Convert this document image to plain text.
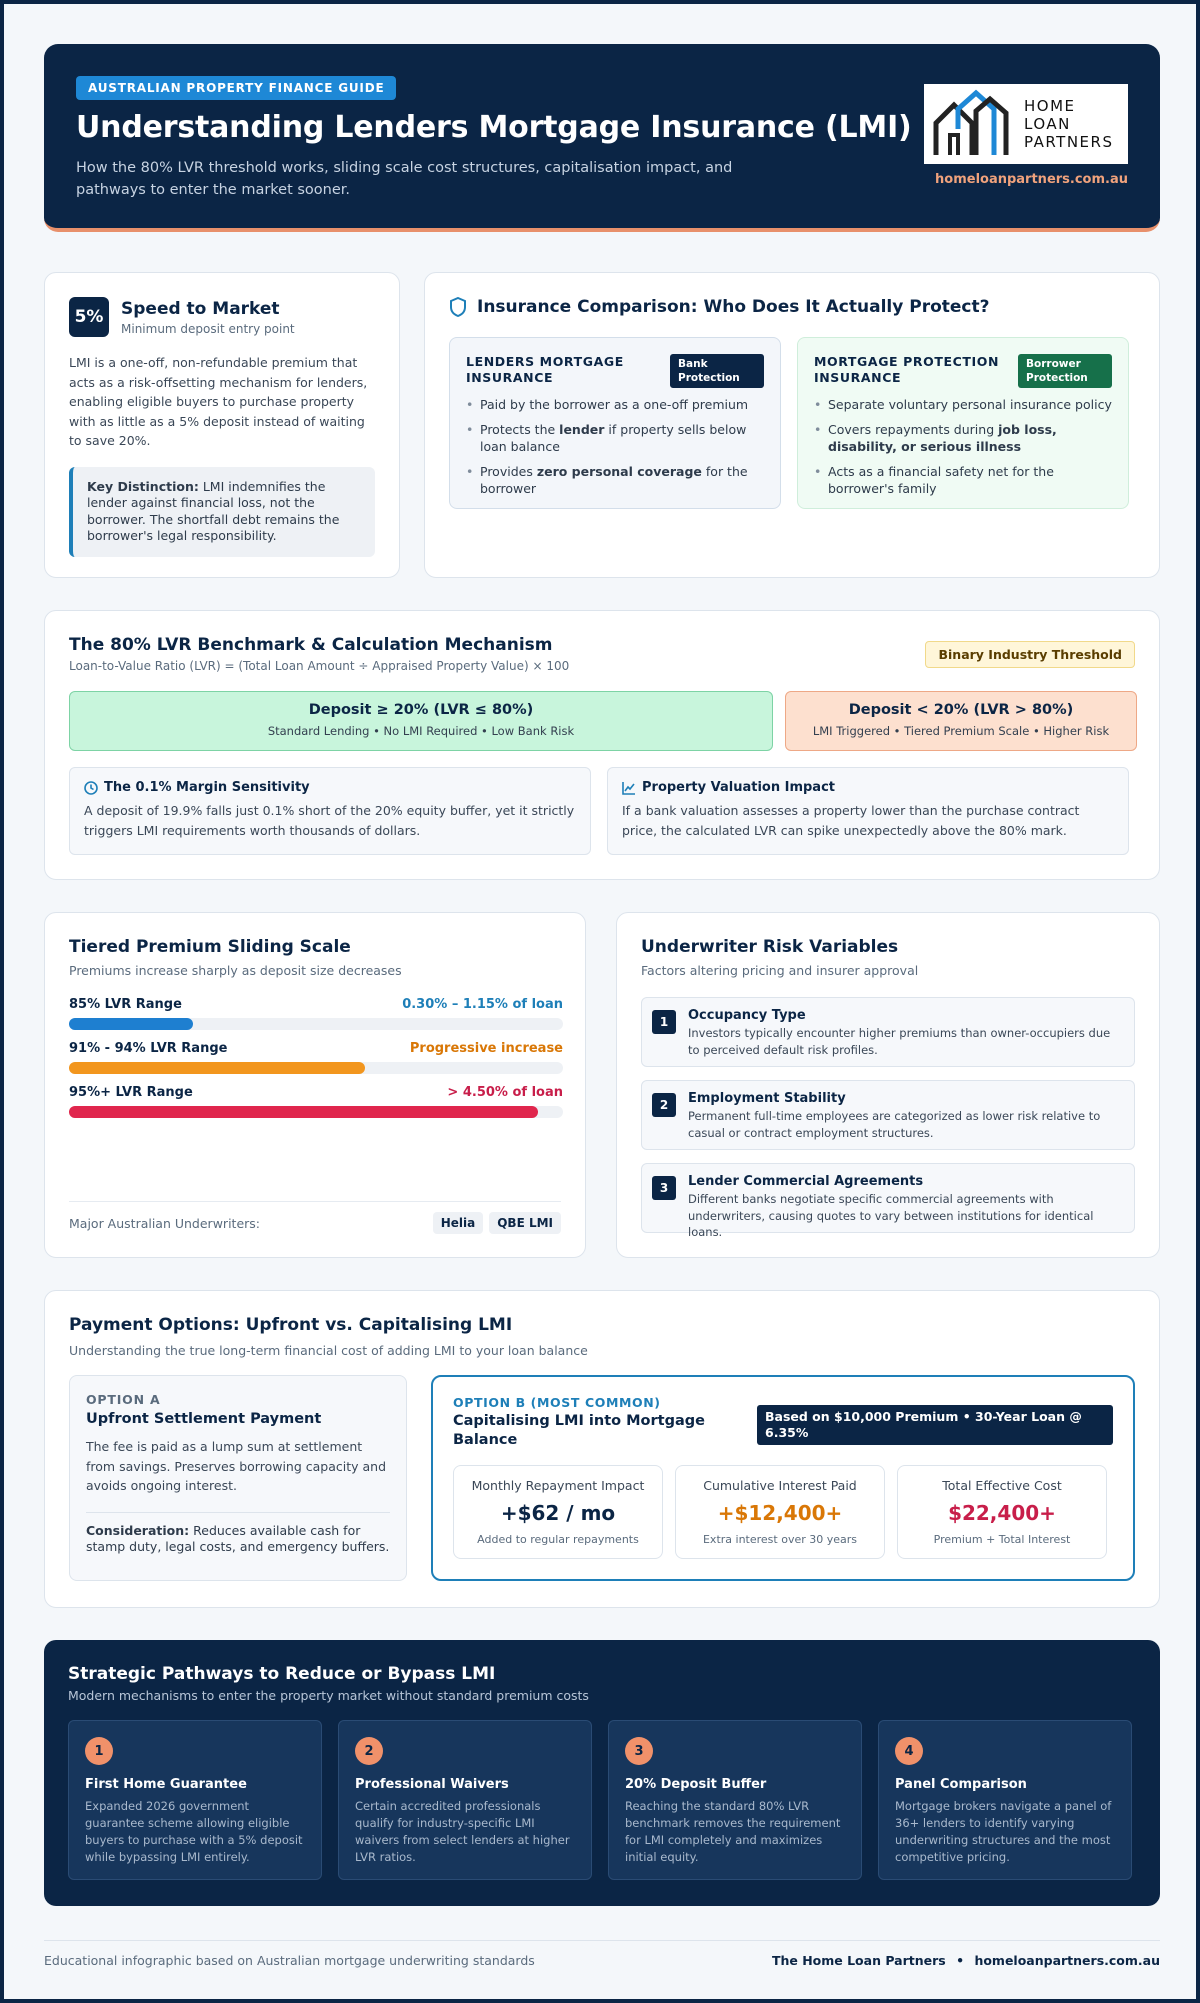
AUSTRALIAN PROPERTY FINANCE GUIDE
Understanding Lenders Mortgage Insurance (LMI)

How the 80% LVR threshold works, sliding scale cost structures, capitalisation impact, and pathways to enter the market sooner.

HOME
LOAN
PARTNERS
homeloanpartners.com.au
5%	Speed to Market
Minimum deposit entry point

LMI is a one-off, non-refundable premium that acts as a risk-offsetting mechanism for lenders, enabling eligible buyers to purchase property with as little as a 5% deposit instead of waiting to save 20%.

Key Distinction: LMI indemnifies the lender against financial loss, not the borrower. The shortfall debt remains the borrower's legal responsibility.
Insurance Comparison: Who Does It Actually Protect?
LENDERS MORTGAGE INSURANCE
Bank Protection
• Paid by the borrower as a one-off premium
• Protects the lender if property sells below loan balance
• Provides zero personal coverage for the borrower
MORTGAGE PROTECTION INSURANCE
Borrower Protection
• Separate voluntary personal insurance policy
• Covers repayments during job loss, disability, or serious illness
• Acts as a financial safety net for the borrower's family
The 80% LVR Benchmark & Calculation Mechanism
Loan-to-Value Ratio (LVR) = (Total Loan Amount ÷ Appraised Property Value) × 100
Binary Industry Threshold
Deposit ≥ 20% (LVR ≤ 80%)
Standard Lending • No LMI Required • Low Bank Risk
Deposit < 20% (LVR > 80%)
LMI Triggered • Tiered Premium Scale • Higher Risk
The 0.1% Margin Sensitivity
A deposit of 19.9% falls just 0.1% short of the 20% equity buffer, yet it strictly triggers LMI requirements worth thousands of dollars.
Property Valuation Impact
If a bank valuation assesses a property lower than the purchase contract price, the calculated LVR can spike unexpectedly above the 80% mark.
Tiered Premium Sliding Scale
Premiums increase sharply as deposit size decreases
85% LVR Range	0.30% – 1.15% of loan
91% - 94% LVR Range	Progressive increase
95%+ LVR Range	> 4.50% of loan
Major Australian Underwriters:	Helia QBE LMI
Underwriter Risk Variables
Factors altering pricing and insurer approval
1	Occupancy Type
Investors typically encounter higher premiums than owner-occupiers due to perceived default risk profiles.
2	Employment Stability
Permanent full-time employees are categorized as lower risk relative to casual or contract employment structures.
3	Lender Commercial Agreements
Different banks negotiate specific commercial agreements with underwriters, causing quotes to vary between institutions for identical loans.
Payment Options: Upfront vs. Capitalising LMI
Understanding the true long-term financial cost of adding LMI to your loan balance
OPTION A
Upfront Settlement Payment
The fee is paid as a lump sum at settlement from savings. Preserves borrowing capacity and avoids ongoing interest.
Consideration: Reduces available cash for stamp duty, legal costs, and emergency buffers.
OPTION B (MOST COMMON)
Capitalising LMI into Mortgage Balance
Based on $10,000 Premium • 30-Year Loan @ 6.35%
Monthly Repayment Impact
+$62 / mo
Added to regular repayments
Cumulative Interest Paid
+$12,400+
Extra interest over 30 years
Total Effective Cost
$22,400+
Premium + Total Interest
Strategic Pathways to Reduce or Bypass LMI
Modern mechanisms to enter the property market without standard premium costs
1
First Home Guarantee
Expanded 2026 government guarantee scheme allowing eligible buyers to purchase with a 5% deposit while bypassing LMI entirely.
2
Professional Waivers
Certain accredited professionals qualify for industry-specific LMI waivers from select lenders at higher LVR ratios.
3
20% Deposit Buffer
Reaching the standard 80% LVR benchmark removes the requirement for LMI completely and maximizes initial equity.
4
Panel Comparison
Mortgage brokers navigate a panel of 36+ lenders to identify varying underwriting structures and the most competitive pricing.
Educational infographic based on Australian mortgage underwriting standards	The Home Loan Partners • homeloanpartners.com.au
